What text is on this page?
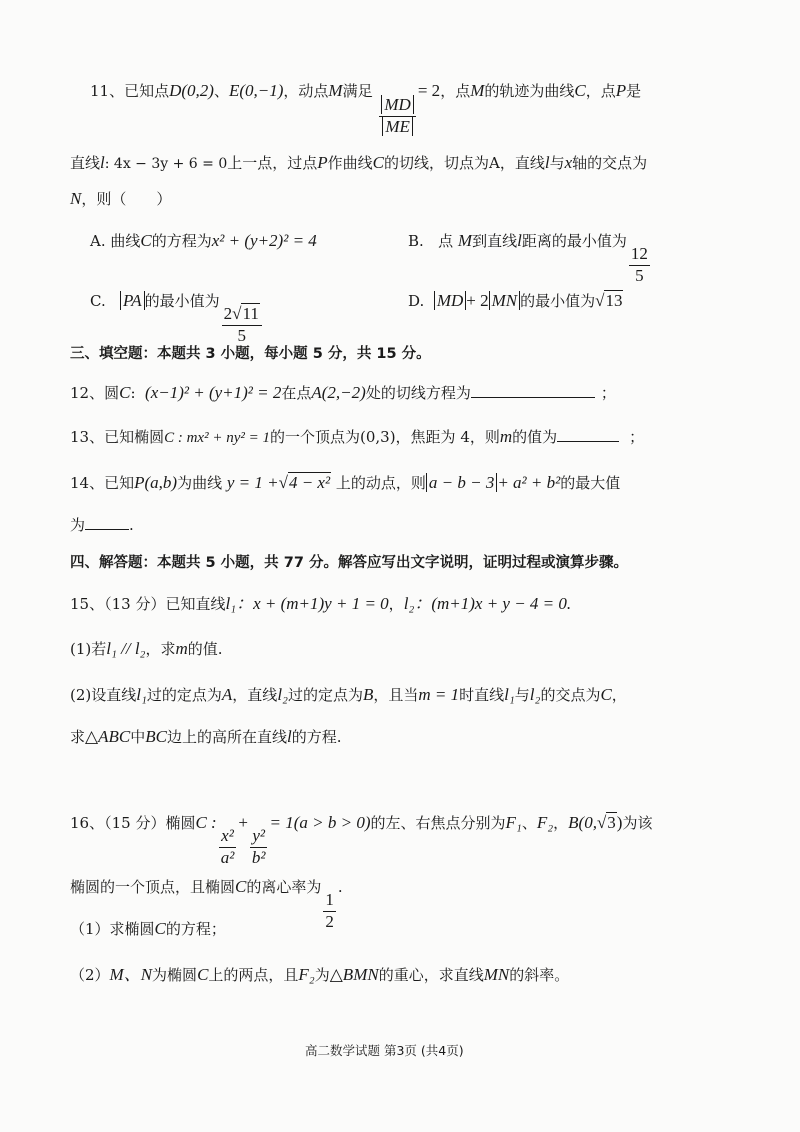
11、已知点D(0,2)、E(0,−1)，动点M满足
$\frac{MD}{ME}$
= 2，点M的轨迹为曲线C，点P是
直线l: 4x − 3y + 6 = 0上一点，过点P作曲线C的切线，切点为A，直线l与x轴的交点为
N，则（　　）
A. 曲线C的方程为x² + (y+2)² = 4	B. 点 M到直线l距离的最小值为
$\frac{12}{5}$
C. PA 的最小值为
$\frac{2√11}{5}$
D. MD + 2 MN 的最小值为√13
三、填空题：本题共 3 小题，每小题 5 分，共 15 分。
12、圆C: (x−1)² + (y+1)² = 2在点A(2,−2)处的切线方程为	；
13、已知椭圆C : mx² + ny² = 1的一个顶点为(0,3)，焦距为 4，则m的值为	；
14、已知P(a,b)为曲线 y = 1 +√4 − x² 上的动点，则 a − b − 3 + a² + b²的最大值
为	.
四、解答题：本题共 5 小题，共 77 分。解答应写出文字说明，证明过程或演算步骤。
15、（13 分）已知直线l₁：x + (m+1)y + 1 = 0，l₂：(m+1)x + y − 4 = 0.
(1)若l₁ // l₂，求m的值.
(2)设直线l₁过的定点为A，直线l₂过的定点为B，且当m = 1时直线l₁与l₂的交点为C，
求△ABC中BC边上的高所在直线l的方程.
16、（15 分）椭圆C :
$\frac{\text{x²}}{\text{a²}}$
+
$\frac{\text{y²}}{\text{b²}}$
= 1(a > b > 0)的左、右焦点分别为F₁、F₂，B(0,√3)为该
椭圆的一个顶点，且椭圆C的离心率为
$\frac{1}{2}$
.
（1）求椭圆C的方程；
（2）M、N为椭圆C上的两点，且F₂为△BMN的重心，求直线MN的斜率。
高二数学试题 第3页 (共4页)
